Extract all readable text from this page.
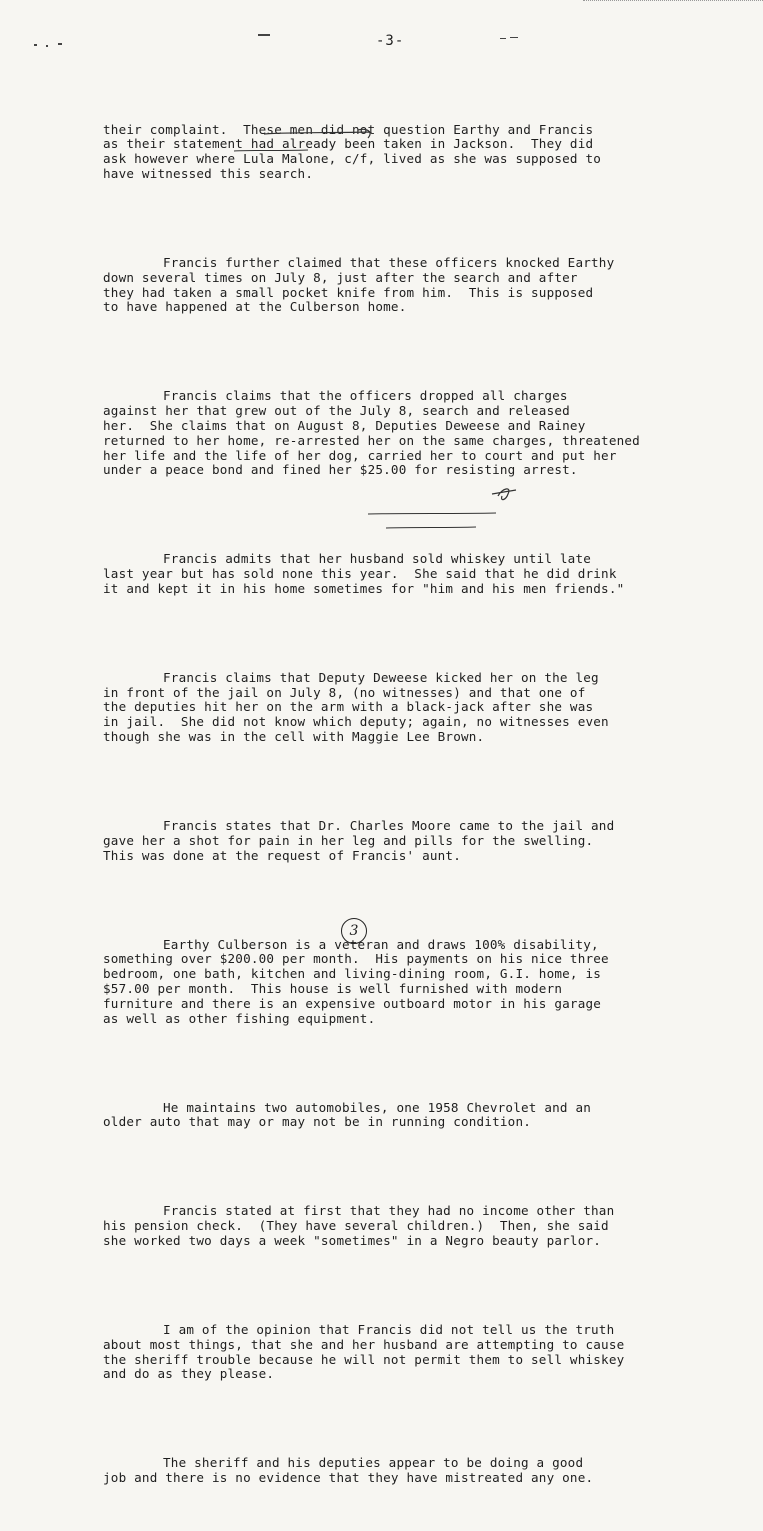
-3-

their complaint.  These men did not question Earthy and Francis
as their statement had already been taken in Jackson.  They did
ask however where Lula Malone, c/f, lived as she was supposed to
have witnessed this search.

Francis further claimed that these officers knocked Earthy
down several times on July 8, just after the search and after
they had taken a small pocket knife from him.  This is supposed
to have happened at the Culberson home.

Francis claims that the officers dropped all charges
against her that grew out of the July 8, search and released
her.  She claims that on August 8, Deputies Deweese and Rainey
returned to her home, re-arrested her on the same charges, threatened
her life and the life of her dog, carried her to court and put her
under a peace bond and fined her $25.00 for resisting arrest.

Francis admits that her husband sold whiskey until late
last year but has sold none this year.  She said that he did drink
it and kept it in his home sometimes for "him and his men friends."

Francis claims that Deputy Deweese kicked her on the leg
in front of the jail on July 8, (no witnesses) and that one of
the deputies hit her on the arm with a black-jack after she was
in jail.  She did not know which deputy; again, no witnesses even
though she was in the cell with Maggie Lee Brown.

Francis states that Dr. Charles Moore came to the jail and
gave her a shot for pain in her leg and pills for the swelling.
This was done at the request of Francis' aunt.

Earthy Culberson is a veteran and draws 100% disability,
something over $200.00 per month.  His payments on his nice three
bedroom, one bath, kitchen and living-dining room, G.I. home, is
$57.00 per month.  This house is well furnished with modern
furniture and there is an expensive outboard motor in his garage
as well as other fishing equipment.

He maintains two automobiles, one 1958 Chevrolet and an
older auto that may or may not be in running condition.

Francis stated at first that they had no income other than
his pension check.  (They have several children.)  Then, she said
she worked two days a week "sometimes" in a Negro beauty parlor.

I am of the opinion that Francis did not tell us the truth
about most things, that she and her husband are attempting to cause
the sheriff trouble because he will not permit them to sell whiskey
and do as they please.

The sheriff and his deputies appear to be doing a good
job and there is no evidence that they have mistreated any one.

3
